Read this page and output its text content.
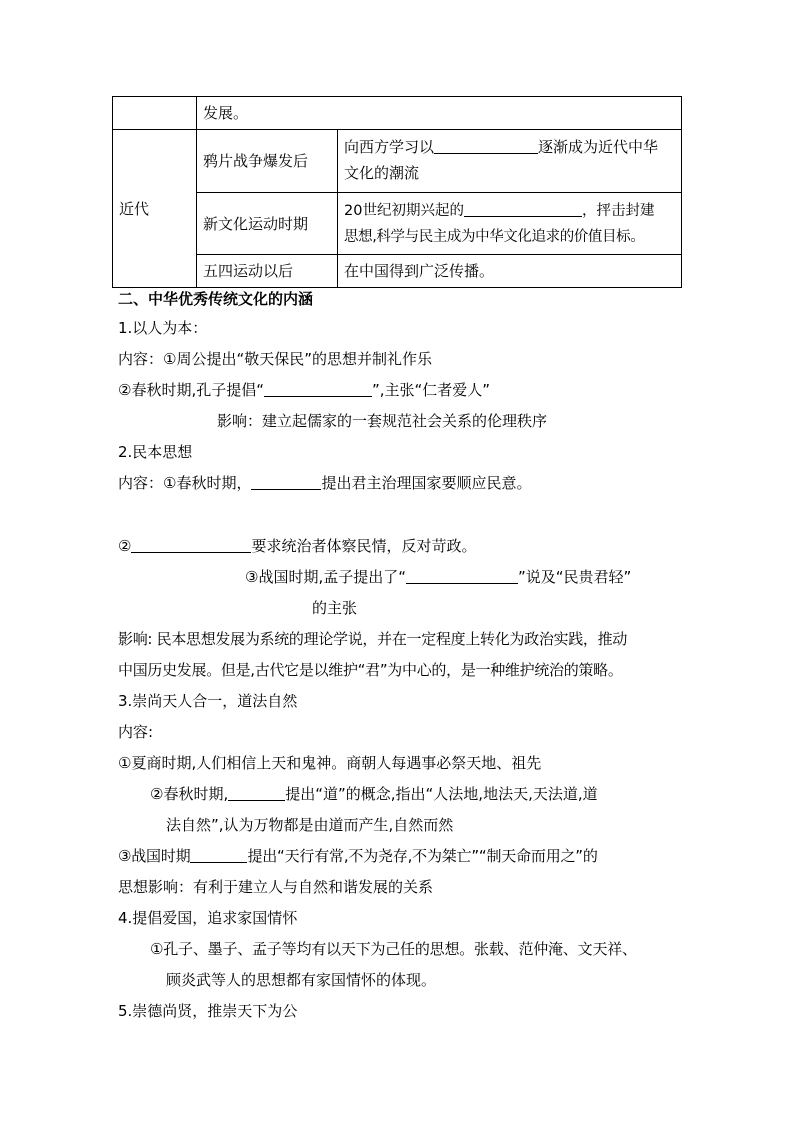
	发展。	
近代	鸦片战争爆发后	向西方学习以 逐渐成为近代中华
文化的潮流
	新文化运动时期	20世纪初期兴起的 ，抨击封建
思想,科学与民主成为中华文化追求的价值目标。
	五四运动以后	在中国得到广泛传播。
二、中华优秀传统文化的内涵
1.以人为本：
内容：①周公提出“敬天保民”的思想并制礼作乐
②春秋时期,孔子提倡“	”,主张“仁者爱人”
影响：建立起儒家的一套规范社会关系的伦理秩序
2.民本思想
内容：①春秋时期，	提出君主治理国家要顺应民意。
②	要求统治者体察民情，反对苛政。
③战国时期,孟子提出了“	”说及“民贵君轻”
的主张
影响: 民本思想发展为系统的理论学说，并在一定程度上转化为政治实践，推动
中国历史发展。但是,古代它是以维护“君”为中心的，是一种维护统治的策略。
3.崇尚天人合一，道法自然
内容:
①夏商时期,人们相信上天和鬼神。商朝人每遇事必祭天地、祖先
②春秋时期,	提出“道”的概念,指出“人法地,地法天,天法道,道
法自然”,认为万物都是由道而产生,自然而然
③战国时期	提出“天行有常,不为尧存,不为桀亡”“制天命而用之”的
思想影响：有利于建立人与自然和谐发展的关系
4.提倡爱国，追求家国情怀
①孔子、墨子、孟子等均有以天下为己任的思想。张载、范仲淹、文天祥、
顾炎武等人的思想都有家国情怀的体现。
5.崇德尚贤，推崇天下为公
